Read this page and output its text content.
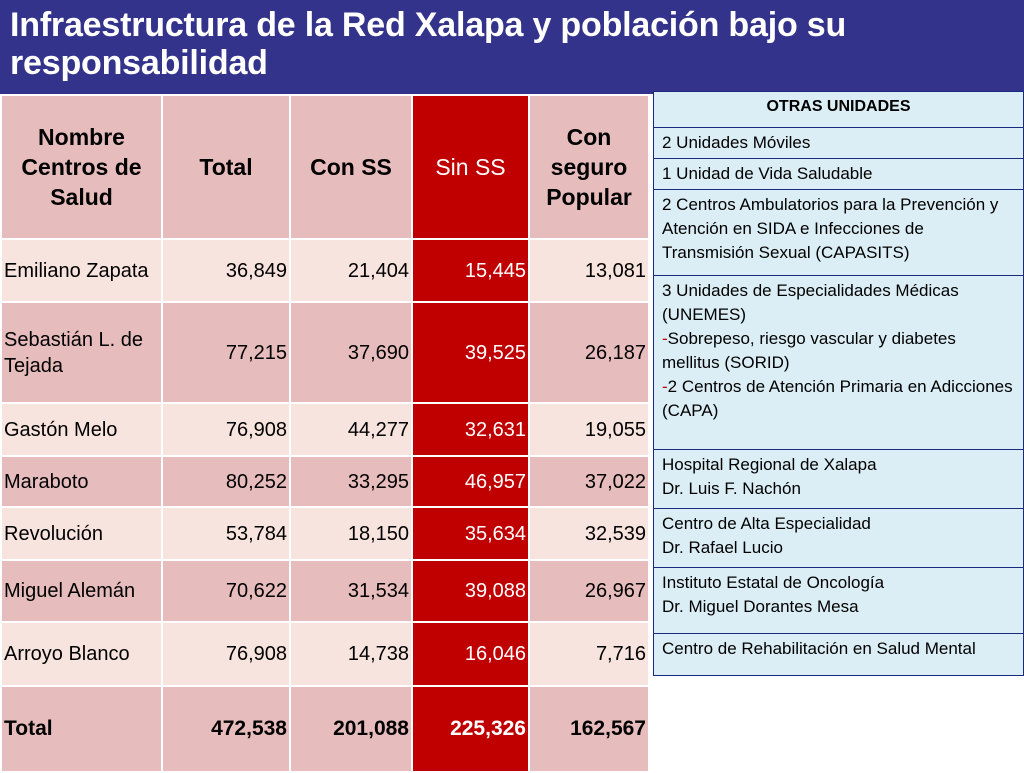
Infraestructura de la Red Xalapa y población bajo su responsabilidad
Nombre Centros de Salud	Total	Con SS	Sin SS	Con seguro Popular
Emiliano Zapata	36,849	21,404	15,445	13,081
Sebastián L. de Tejada	77,215	37,690	39,525	26,187
Gastón Melo	76,908	44,277	32,631	19,055
Maraboto	80,252	33,295	46,957	37,022
Revolución	53,784	18,150	35,634	32,539
Miguel Alemán	70,622	31,534	39,088	26,967
Arroyo Blanco	76,908	14,738	16,046	7,716
Total	472,538	201,088	225,326	162,567
OTRAS UNIDADES
2 Unidades Móviles
1 Unidad de Vida Saludable
2 Centros Ambulatorios para la Prevención y Atención en SIDA e Infecciones de Transmisión Sexual (CAPASITS)
3 Unidades de Especialidades Médicas (UNEMES)
-Sobrepeso, riesgo vascular y diabetes mellitus (SORID)
-2 Centros de Atención Primaria en Adicciones (CAPA)
Hospital Regional de Xalapa
Dr. Luis F. Nachón
Centro de Alta Especialidad
Dr. Rafael Lucio
Instituto Estatal de Oncología
Dr. Miguel Dorantes Mesa
Centro de Rehabilitación en Salud Mental
